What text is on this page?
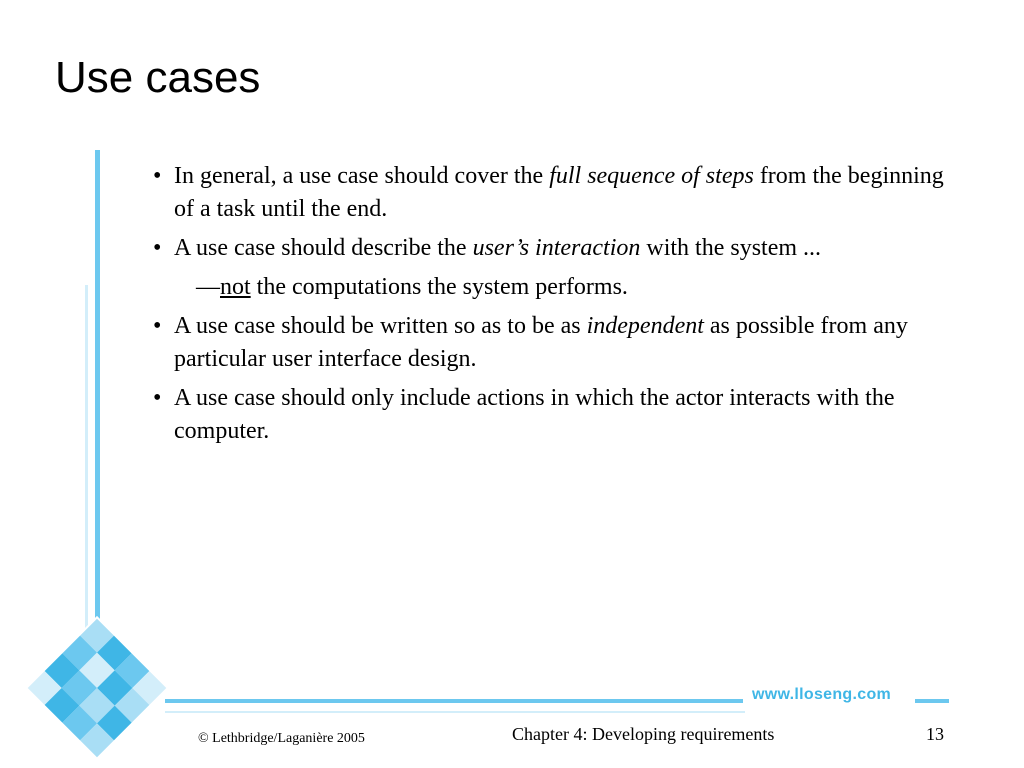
Use cases
• In general, a use case should cover the full sequence of steps from the beginning of a task until the end.
• A use case should describe the user’s interaction with the system ...
—not the computations the system performs.
• A use case should be written so as to be as independent as possible from any particular user interface design.
• A use case should only include actions in which the actor interacts with the computer.
www.lloseng.com
© Lethbridge/Laganière 2005	Chapter 4: Developing requirements	13
